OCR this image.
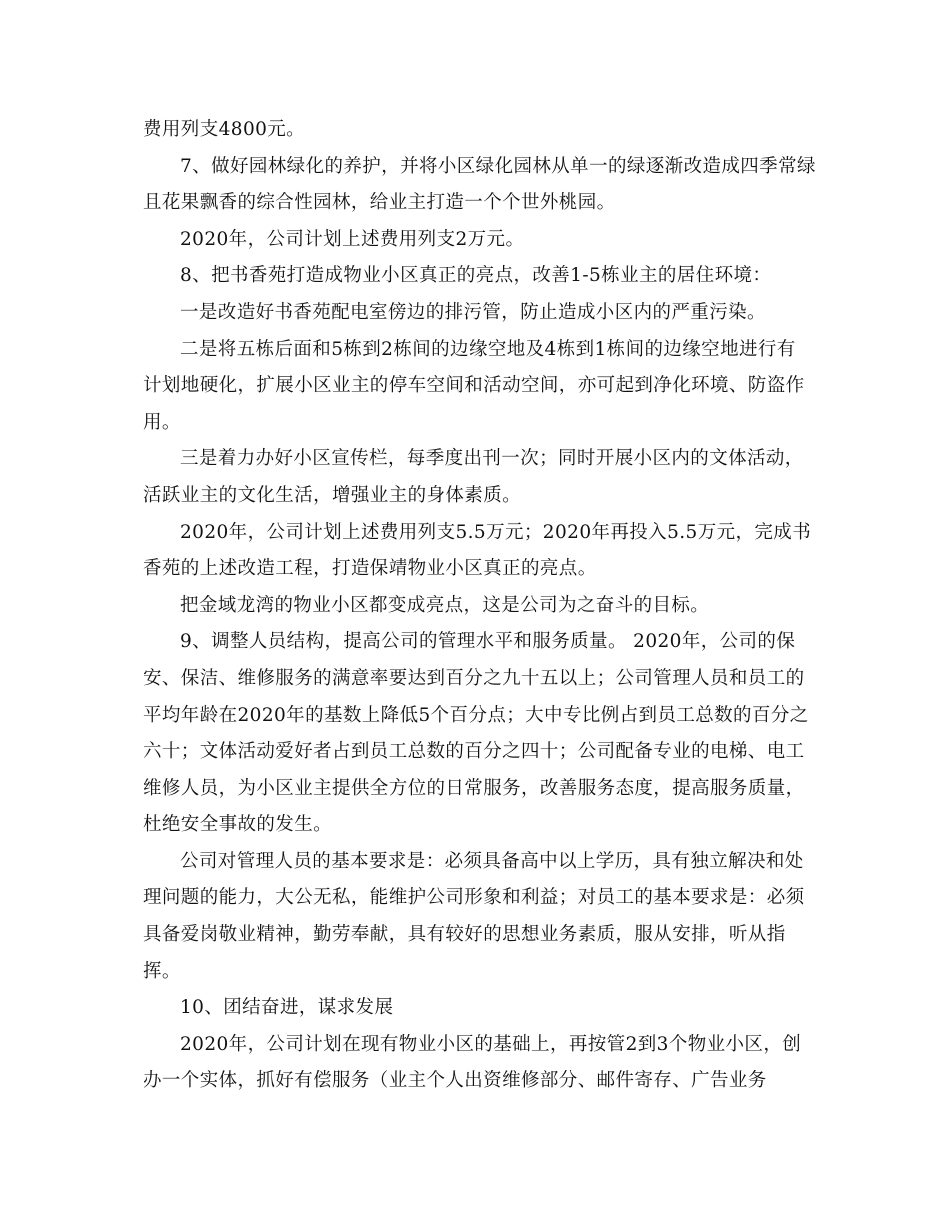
费用列支4800元。
7、做好园林绿化的养护，并将小区绿化园林从单一的绿逐渐改造成四季常绿
且花果飘香的综合性园林，给业主打造一个个世外桃园。
2020年，公司计划上述费用列支2万元。
8、把书香苑打造成物业小区真正的亮点，改善1-5栋业主的居住环境：
一是改造好书香苑配电室傍边的排污管，防止造成小区内的严重污染。
二是将五栋后面和5栋到2栋间的边缘空地及4栋到1栋间的边缘空地进行有
计划地硬化，扩展小区业主的停车空间和活动空间，亦可起到净化环境、防盗作
用。
三是着力办好小区宣传栏，每季度出刊一次；同时开展小区内的文体活动，
活跃业主的文化生活，增强业主的身体素质。
2020年，公司计划上述费用列支5.5万元；2020年再投入5.5万元，完成书
香苑的上述改造工程，打造保靖物业小区真正的亮点。
把金域龙湾的物业小区都变成亮点，这是公司为之奋斗的目标。
9、调整人员结构，提高公司的管理水平和服务质量。 2020年，公司的保
安、保洁、维修服务的满意率要达到百分之九十五以上；公司管理人员和员工的
平均年龄在2020年的基数上降低5个百分点；大中专比例占到员工总数的百分之
六十；文体活动爱好者占到员工总数的百分之四十；公司配备专业的电梯、电工
维修人员，为小区业主提供全方位的日常服务，改善服务态度，提高服务质量，
杜绝安全事故的发生。
公司对管理人员的基本要求是：必须具备高中以上学历，具有独立解决和处
理问题的能力，大公无私，能维护公司形象和利益；对员工的基本要求是：必须
具备爱岗敬业精神，勤劳奉献，具有较好的思想业务素质，服从安排，听从指
挥。
10、团结奋进，谋求发展
2020年，公司计划在现有物业小区的基础上，再按管2到3个物业小区，创
办一个实体，抓好有偿服务（业主个人出资维修部分、邮件寄存、广告业务
